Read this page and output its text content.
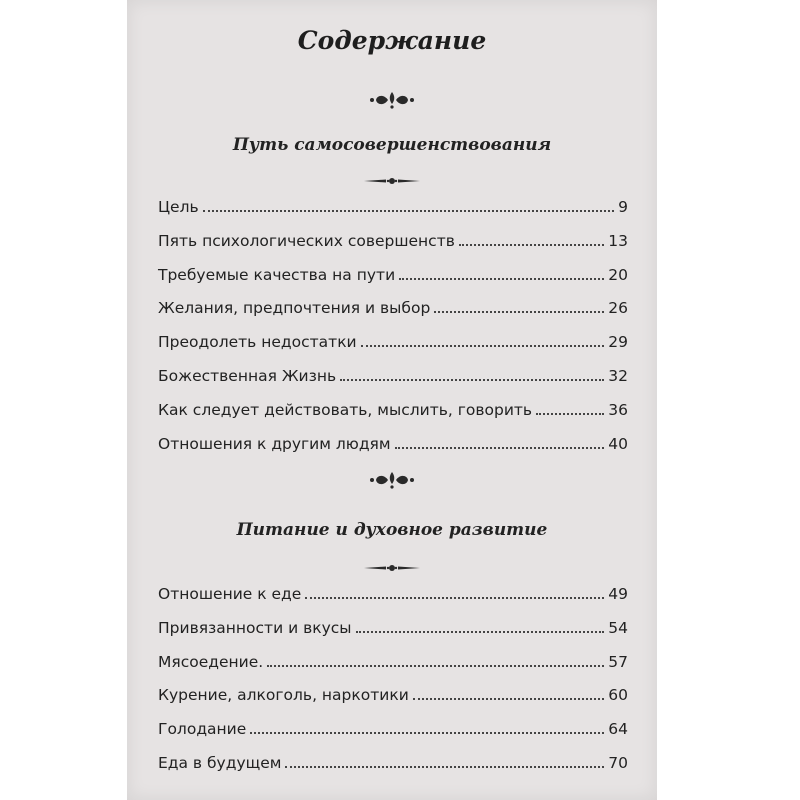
Содержание
Путь самосовершенствования
Цель	9
Пять психологических совершенств	13
Требуемые качества на пути	20
Желания, предпочтения и выбор	26
Преодолеть недостатки	29
Божественная Жизнь	32
Как следует действовать, мыслить, говорить	36
Отношения к другим людям	40
Питание и духовное развитие
Отношение к еде	49
Привязанности и вкусы	54
Мясоедение.	57
Курение, алкоголь, наркотики	60
Голодание	64
Еда в будущем	70
